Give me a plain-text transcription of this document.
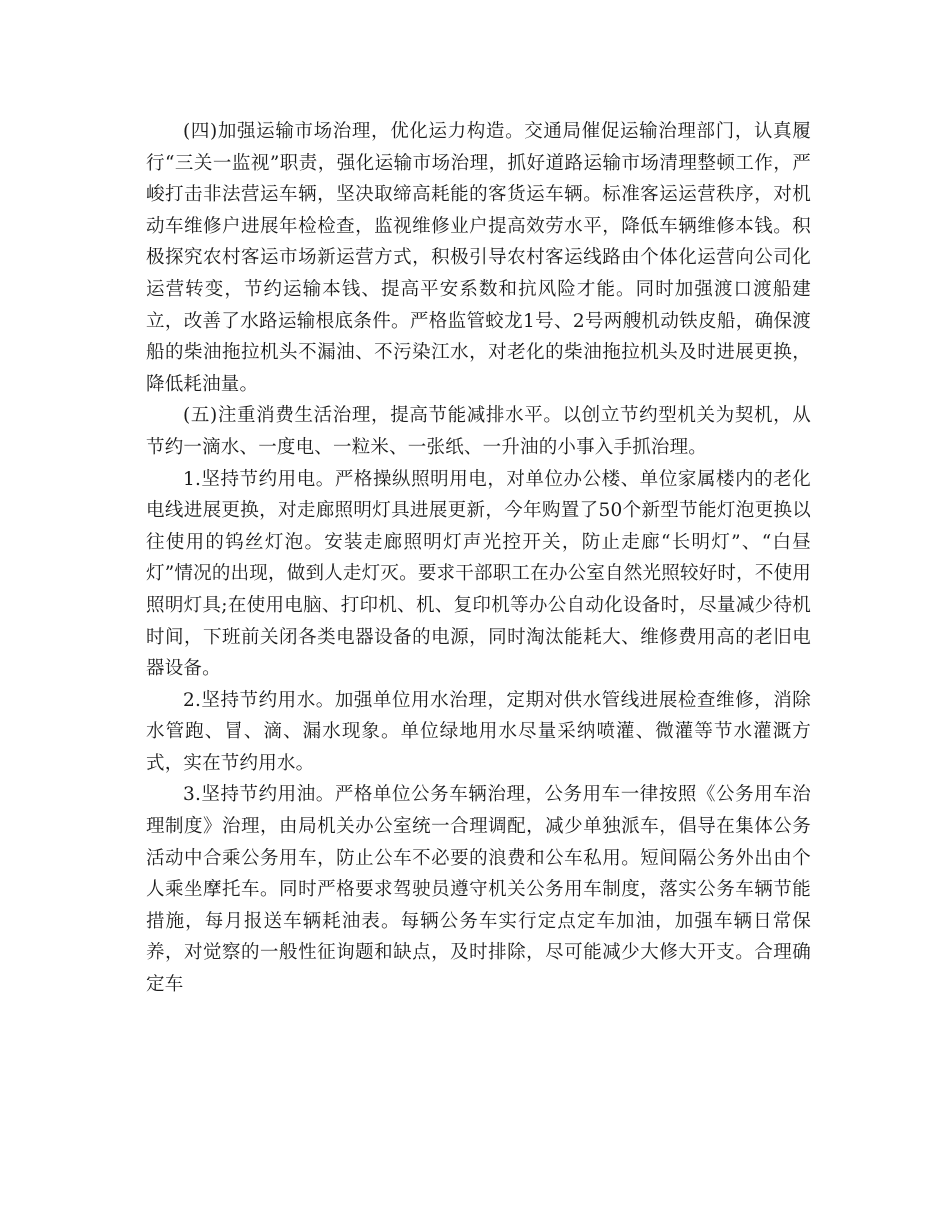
(四)加强运输市场治理，优化运力构造。交通局催促运输治理部门，认真履行“三关一监视”职责，强化运输市场治理，抓好道路运输市场清理整顿工作，严峻打击非法营运车辆，坚决取缔高耗能的客货运车辆。标准客运运营秩序，对机动车维修户进展年检检查，监视维修业户提高效劳水平，降低车辆维修本钱。积极探究农村客运市场新运营方式，积极引导农村客运线路由个体化运营向公司化运营转变，节约运输本钱、提高平安系数和抗风险才能。同时加强渡口渡船建立，改善了水路运输根底条件。严格监管蛟龙1号、2号两艘机动铁皮船，确保渡船的柴油拖拉机头不漏油、不污染江水，对老化的柴油拖拉机头及时进展更换，降低耗油量。

(五)注重消费生活治理，提高节能减排水平。以创立节约型机关为契机，从节约一滴水、一度电、一粒米、一张纸、一升油的小事入手抓治理。

1.坚持节约用电。严格操纵照明用电，对单位办公楼、单位家属楼内的老化电线进展更换，对走廊照明灯具进展更新，今年购置了50个新型节能灯泡更换以往使用的钨丝灯泡。安装走廊照明灯声光控开关，防止走廊“长明灯”、“白昼灯”情况的出现，做到人走灯灭。要求干部职工在办公室自然光照较好时，不使用照明灯具;在使用电脑、打印机、机、复印机等办公自动化设备时，尽量减少待机时间，下班前关闭各类电器设备的电源，同时淘汰能耗大、维修费用高的老旧电器设备。

2.坚持节约用水。加强单位用水治理，定期对供水管线进展检查维修，消除水管跑、冒、滴、漏水现象。单位绿地用水尽量采纳喷灌、微灌等节水灌溉方式，实在节约用水。

3.坚持节约用油。严格单位公务车辆治理，公务用车一律按照《公务用车治理制度》治理，由局机关办公室统一合理调配，减少单独派车，倡导在集体公务活动中合乘公务用车，防止公车不必要的浪费和公车私用。短间隔公务外出由个人乘坐摩托车。同时严格要求驾驶员遵守机关公务用车制度，落实公务车辆节能措施，每月报送车辆耗油表。每辆公务车实行定点定车加油，加强车辆日常保养，对觉察的一般性征询题和缺点，及时排除，尽可能减少大修大开支。合理确定车
